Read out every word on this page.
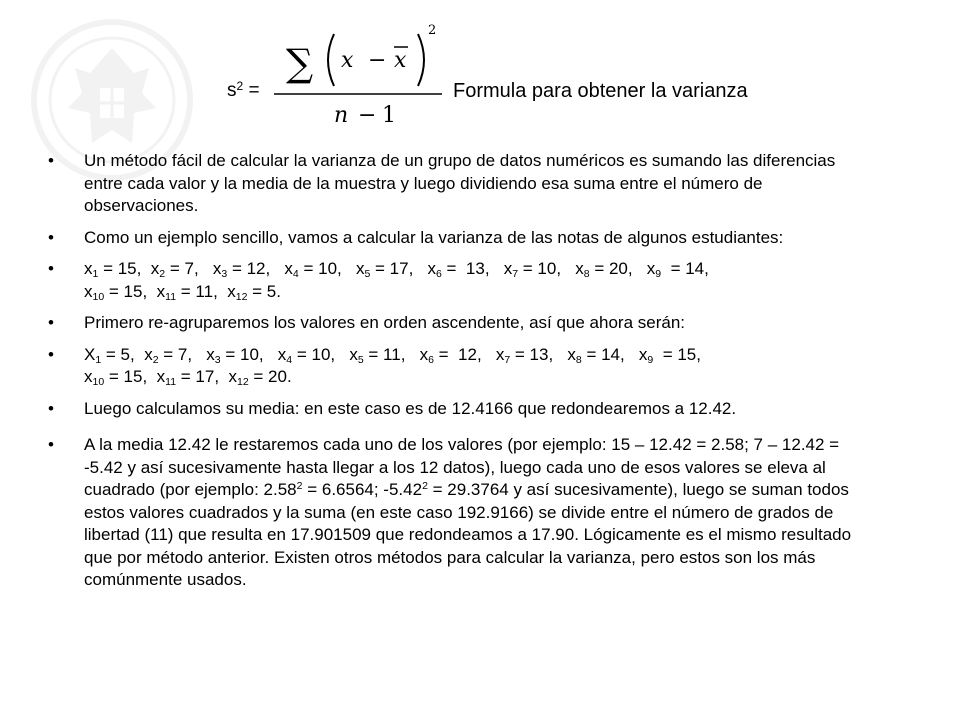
$s^2$ =
∑ x − x
2
n − 1
Formula para obtener la varianza
• Un método fácil de calcular la varianza de un grupo de datos numéricos es sumando las diferencias entre cada valor y la media de la muestra y luego dividiendo esa suma entre el número de observaciones.
• Como un ejemplo sencillo, vamos a calcular la varianza de las notas de algunos estudiantes:
• $x_1 = 15$,  $x_2 = 7$,   $x_3 = 12$,   $x_4 = 10$,   $x_5 = 17$,   $x_6 = 13$,   $x_7 = 10$,   $x_8 = 20$,   $x_9 = 14$,
$x_{10} = 15$,  $x_{11} = 11$,  $x_{12} = 5$.
• Primero re-agruparemos los valores en orden ascendente, así que ahora serán:
• $X_1 = 5$,  $x_2 = 7$,   $x_3 = 10$,   $x_4 = 10$,   $x_5 = 11$,   $x_6 = 12$,   $x_7 = 13$,   $x_8 = 14$,   $x_9 = 15$,
$x_{10} = 15$,  $x_{11} = 17$,  $x_{12} = 20$.
• Luego calculamos su media: en este caso es de 12.4166 que redondearemos a 12.42.
• A la media 12.42 le restaremos cada uno de los valores (por ejemplo: 15 – 12.42 = 2.58; 7 – 12.42 = -5.42 y así sucesivamente hasta llegar a los 12 datos), luego cada uno de esos valores se eleva al cuadrado (por ejemplo: $2.58^2 = 6.6564$; $-5.42^2 = 29.3764$ y así sucesivamente), luego se suman todos estos valores cuadrados y la suma (en este caso 192.9166) se divide entre el número de grados de libertad (11) que resulta en 17.901509 que redondeamos a 17.90. Lógicamente es el mismo resultado que por método anterior. Existen otros métodos para calcular la varianza, pero estos son los más comúnmente usados.
